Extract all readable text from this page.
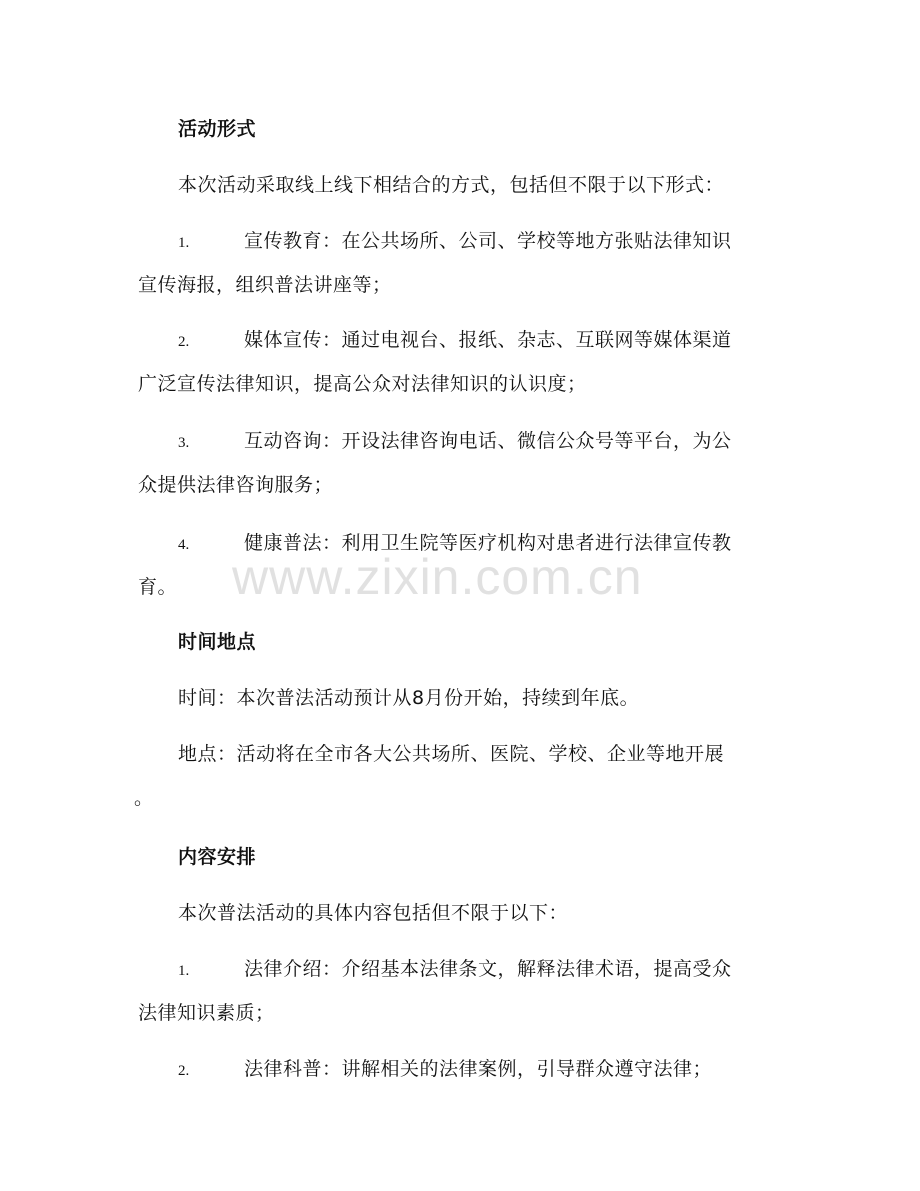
活动形式
本次活动采取线上线下相结合的方式，包括但不限于以下形式：
1.	宣传教育：在公共场所、公司、学校等地方张贴法律知识
宣传海报，组织普法讲座等；
2.	媒体宣传：通过电视台、报纸、杂志、互联网等媒体渠道
广泛宣传法律知识，提高公众对法律知识的认识度；
3.	互动咨询：开设法律咨询电话、微信公众号等平台，为公
众提供法律咨询服务；
4.	健康普法：利用卫生院等医疗机构对患者进行法律宣传教
育。 www.zixin.com.cn
时间地点
时间：本次普法活动预计从8月份开始，持续到年底。
地点：活动将在全市各大公共场所、医院、学校、企业等地开展
。
内容安排
本次普法活动的具体内容包括但不限于以下：
1.	法律介绍：介绍基本法律条文，解释法律术语，提高受众
法律知识素质；
2.	法律科普：讲解相关的法律案例，引导群众遵守法律；
